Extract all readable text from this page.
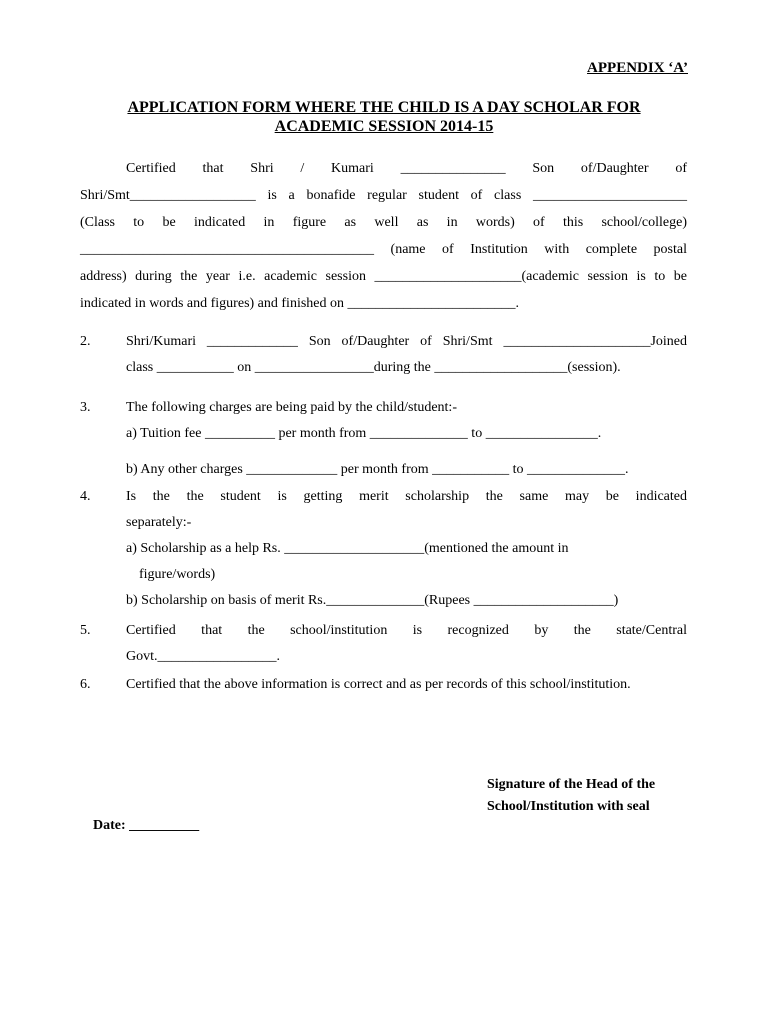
APPENDIX ‘A’
APPLICATION FORM WHERE THE CHILD IS A DAY SCHOLAR FOR
ACADEMIC SESSION 2014-15
Certified that Shri / Kumari _______________ Son of/Daughter of
Shri/Smt__________________ is a bonafide regular student of class ______________________
(Class to be indicated in figure as well as in words) of this school/college)
__________________________________________ (name of Institution with complete postal
address) during the year i.e. academic session _____________________(academic session is to be
indicated in words and figures) and finished on ________________________.
2.	Shri/Kumari _____________ Son of/Daughter of Shri/Smt _____________________Joined
class ___________ on _________________during the ___________________(session).
3.	The following charges are being paid by the child/student:-
a) Tuition fee __________ per month from ______________ to ________________.
b) Any other charges _____________ per month from ___________ to ______________.
4.	Is the the student is getting merit scholarship the same may be indicated
separately:-
a) Scholarship as a help Rs. ____________________(mentioned the amount in
figure/words)
b) Scholarship on basis of merit Rs.______________(Rupees ____________________)
5.	Certified that the school/institution is recognized by the state/Central
Govt._________________.
6.	Certified that the above information is correct and as per records of this school/institution.
Signature of the Head of the
School/Institution with seal
Date: __________
